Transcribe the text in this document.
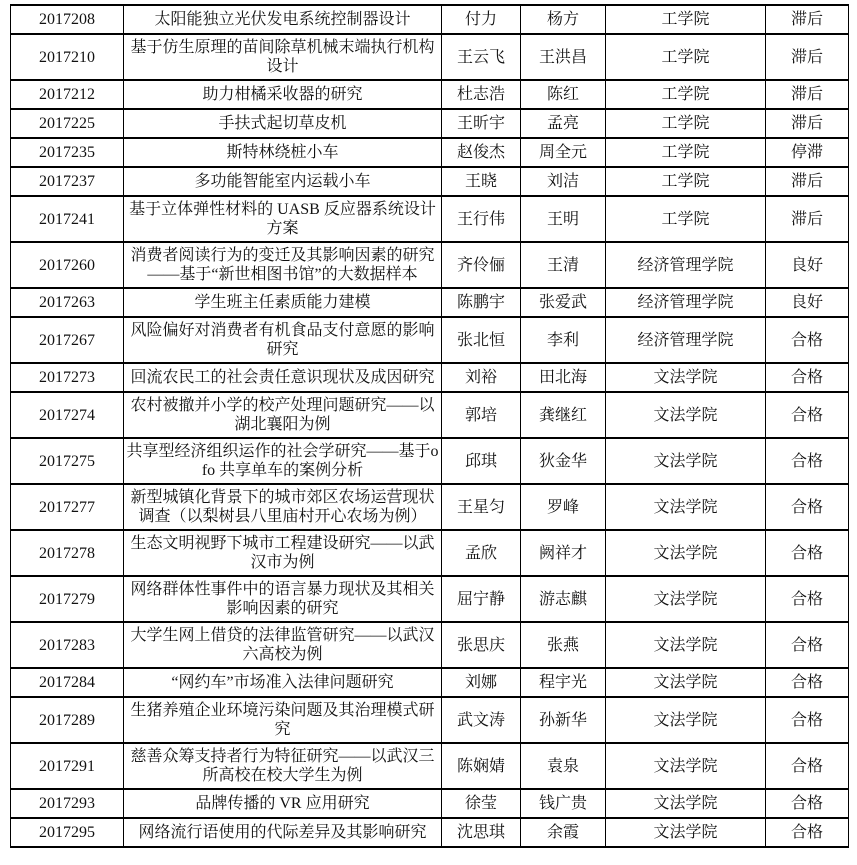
2017208	太阳能独立光伏发电系统控制器设计	付力	杨方	工学院	滞后
2017210	基于仿生原理的苗间除草机械末端执行机构设计	王云飞	王洪昌	工学院	滞后
2017212	助力柑橘采收器的研究	杜志浩	陈红	工学院	滞后
2017225	手扶式起切草皮机	王昕宇	孟亮	工学院	滞后
2017235	斯特林绕桩小车	赵俊杰	周全元	工学院	停滞
2017237	多功能智能室内运载小车	王晓	刘洁	工学院	滞后
2017241	基于立体弹性材料的 UASB 反应器系统设计方案	王行伟	王明	工学院	滞后
2017260	消费者阅读行为的变迁及其影响因素的研究——基于“新世相图书馆”的大数据样本	齐伶俪	王清	经济管理学院	良好
2017263	学生班主任素质能力建模	陈鹏宇	张爱武	经济管理学院	良好
2017267	风险偏好对消费者有机食品支付意愿的影响研究	张北恒	李利	经济管理学院	合格
2017273	回流农民工的社会责任意识现状及成因研究	刘裕	田北海	文法学院	合格
2017274	农村被撤并小学的校产处理问题研究——以湖北襄阳为例	郭培	龚继红	文法学院	合格
2017275	共享型经济组织运作的社会学研究——基于ofo 共享单车的案例分析	邱琪	狄金华	文法学院	合格
2017277	新型城镇化背景下的城市郊区农场运营现状调查（以梨树县八里庙村开心农场为例）	王星匀	罗峰	文法学院	合格
2017278	生态文明视野下城市工程建设研究——以武汉市为例	孟欣	阙祥才	文法学院	合格
2017279	网络群体性事件中的语言暴力现状及其相关影响因素的研究	屈宁静	游志麒	文法学院	合格
2017283	大学生网上借贷的法律监管研究——以武汉六高校为例	张思庆	张燕	文法学院	合格
2017284	“网约车”市场准入法律问题研究	刘娜	程宇光	文法学院	合格
2017289	生猪养殖企业环境污染问题及其治理模式研究	武文涛	孙新华	文法学院	合格
2017291	慈善众筹支持者行为特征研究——以武汉三所高校在校大学生为例	陈娴婧	袁泉	文法学院	合格
2017293	品牌传播的 VR 应用研究	徐莹	钱广贵	文法学院	合格
2017295	网络流行语使用的代际差异及其影响研究	沈思琪	余霞	文法学院	合格
